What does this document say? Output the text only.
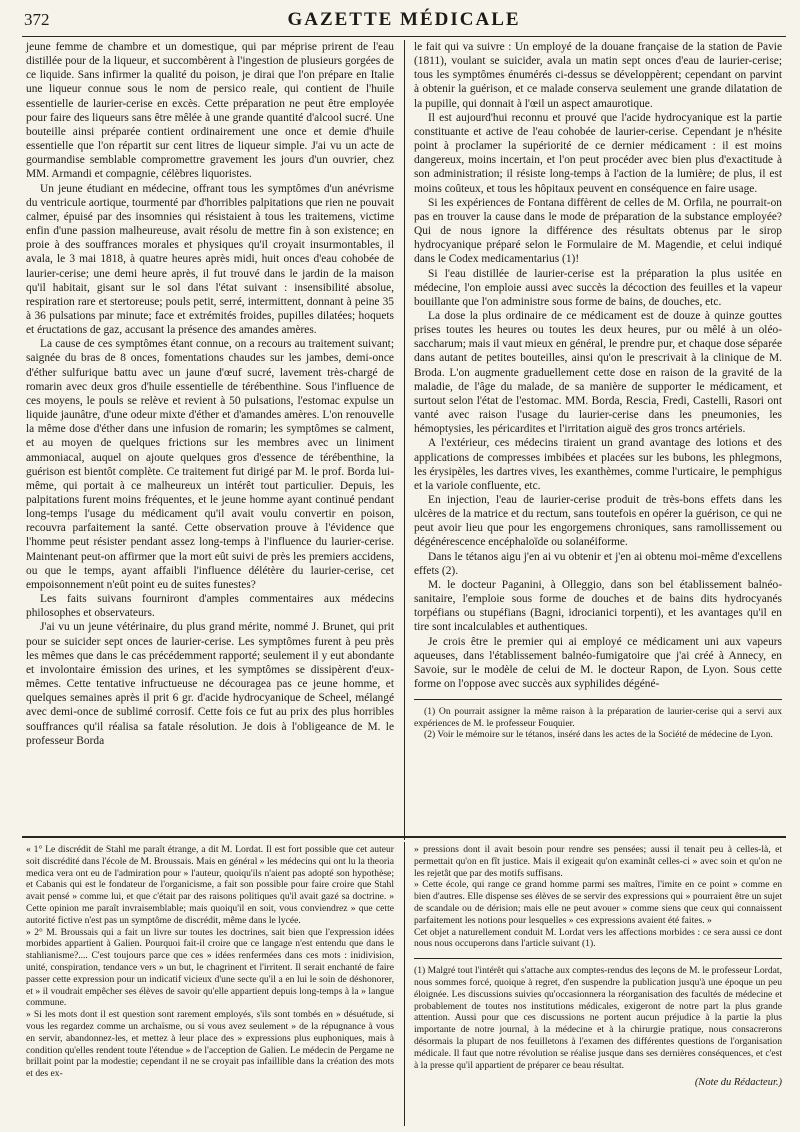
372	GAZETTE MÉDICALE

jeune femme de chambre et un domestique, qui par méprise prirent de l'eau distillée pour de la liqueur, et succombèrent à l'ingestion de plusieurs gorgées de ce liquide. Sans infirmer la qualité du poison, je dirai que l'on prépare en Italie une liqueur connue sous le nom de persico reale, qui contient de l'huile essentielle de laurier-cerise en excès. Cette préparation ne peut être employée pour faire des liqueurs sans être mêlée à une grande quantité d'alcool sucré. Une bouteille ainsi préparée contient ordinairement une once et demie d'huile essentielle que l'on répartit sur cent litres de liqueur simple. J'ai vu un acte de gourmandise semblable compromettre gravement les jours d'un ouvrier, chez MM. Armandi et compagnie, célèbres liquoristes.

Un jeune étudiant en médecine, offrant tous les symptômes d'un anévrisme du ventricule aortique, tourmenté par d'horribles palpitations que rien ne pouvait calmer, épuisé par des insomnies qui résistaient à tous les traitemens, victime enfin d'une passion malheureuse, avait résolu de mettre fin à son existence; en proie à des souffrances morales et physiques qu'il croyait insurmontables, il avala, le 3 mai 1818, à quatre heures après midi, huit onces d'eau cohobée de laurier-cerise; une demi heure après, il fut trouvé dans le jardin de la maison qu'il habitait, gisant sur le sol dans l'état suivant : insensibilité absolue, respiration rare et stertoreuse; pouls petit, serré, intermittent, donnant à peine 35 à 36 pulsations par minute; face et extrémités froides, pupilles dilatées; hoquets et éructations de gaz, accusant la présence des amandes amères.

La cause de ces symptômes étant connue, on a recours au traitement suivant; saignée du bras de 8 onces, fomentations chaudes sur les jambes, demi-once d'éther sulfurique battu avec un jaune d'œuf sucré, lavement très-chargé de romarin avec deux gros d'huile essentielle de térébenthine. Sous l'influence de ces moyens, le pouls se relève et revient à 50 pulsations, l'estomac expulse un liquide jaunâtre, d'une odeur mixte d'éther et d'amandes amères. L'on renouvelle la même dose d'éther dans une infusion de romarin; les symptômes se calment, et au moyen de quelques frictions sur les membres avec un liniment ammoniacal, auquel on ajoute quelques gros d'essence de térébenthine, la guérison est bientôt complète. Ce traitement fut dirigé par M. le prof. Borda lui-même, qui portait à ce malheureux un intérêt tout particulier. Depuis, les palpitations furent moins fréquentes, et le jeune homme ayant continué pendant long-temps l'usage du médicament qu'il avait voulu convertir en poison, recouvra parfaitement la santé. Cette observation prouve à l'évidence que l'homme peut résister pendant assez long-temps à l'influence du laurier-cerise. Maintenant peut-on affirmer que la mort eût suivi de près les premiers accidens, ou que le temps, ayant affaibli l'influence délétère du laurier-cerise, cet empoisonnement n'eût point eu de suites funestes?

Les faits suivans fourniront d'amples commentaires aux médecins philosophes et observateurs.

J'ai vu un jeune vétérinaire, du plus grand mérite, nommé J. Brunet, qui prit pour se suicider sept onces de laurier-cerise. Les symptômes furent à peu près les mêmes que dans le cas précédemment rapporté; seulement il y eut abondante et involontaire émission des urines, et les symptômes se dissipèrent d'eux-mêmes. Cette tentative infructueuse ne découragea pas ce jeune homme, et quelques semaines après il prit 6 gr. d'acide hydrocyanique de Scheel, mélangé avec demi-once de sublimé corrosif. Cette fois ce fut au prix des plus horribles souffrances qu'il réalisa sa fatale résolution. Je dois à l'obligeance de M. le professeur Borda

le fait qui va suivre : Un employé de la douane française de la station de Pavie (1811), voulant se suicider, avala un matin sept onces d'eau de laurier-cerise; tous les symptômes énumérés ci-dessus se développèrent; cependant on parvint à obtenir la guérison, et ce malade conserva seulement une grande dilatation de la pupille, qui donnait à l'œil un aspect amaurotique.

Il est aujourd'hui reconnu et prouvé que l'acide hydrocyanique est la partie constituante et active de l'eau cohobée de laurier-cerise. Cependant je n'hésite point à proclamer la supériorité de ce dernier médicament : il est moins dangereux, moins incertain, et l'on peut procéder avec bien plus d'exactitude à son administration; il résiste long-temps à l'action de la lumière; de plus, il est moins coûteux, et tous les hôpitaux peuvent en conséquence en faire usage.

Si les expériences de Fontana diffèrent de celles de M. Orfila, ne pourrait-on pas en trouver la cause dans le mode de préparation de la substance employée? Qui de nous ignore la différence des résultats obtenus par le sirop hydrocyanique préparé selon le Formulaire de M. Magendie, et celui indiqué dans le Codex medicamentarius (1)!

Si l'eau distillée de laurier-cerise est la préparation la plus usitée en médecine, l'on emploie aussi avec succès la décoction des feuilles et la vapeur bouillante que l'on administre sous forme de bains, de douches, etc.

La dose la plus ordinaire de ce médicament est de douze à quinze gouttes prises toutes les heures ou toutes les deux heures, pur ou mêlé à un oléo-saccharum; mais il vaut mieux en général, le prendre pur, et chaque dose séparée dans autant de petites bouteilles, ainsi qu'on le prescrivait à la clinique de M. Broda. L'on augmente graduellement cette dose en raison de la gravité de la maladie, de l'âge du malade, de sa manière de supporter le médicament, et surtout selon l'état de l'estomac. MM. Borda, Rescia, Fredi, Castelli, Rasori ont vanté avec raison l'usage du laurier-cerise dans les pneumonies, les hémoptysies, les péricardites et l'irritation aiguë des gros troncs artériels.

A l'extérieur, ces médecins tiraient un grand avantage des lotions et des applications de compresses imbibées et placées sur les bubons, les phlegmons, les érysipèles, les dartres vives, les exanthèmes, comme l'urticaire, le pemphigus et la variole confluente, etc.

En injection, l'eau de laurier-cerise produit de très-bons effets dans les ulcères de la matrice et du rectum, sans toutefois en opérer la guérison, ce qui ne peut avoir lieu que pour les engorgemens chroniques, sans ramollissement ou dégénérescence encéphaloïde ou solanéiforme.

Dans le tétanos aigu j'en ai vu obtenir et j'en ai obtenu moi-même d'excellens effets (2).

M. le docteur Paganini, à Olleggio, dans son bel établissement balnéo-sanitaire, l'emploie sous forme de douches et de bains dits hydrocyanés torpéfians ou stupéfians (Bagni, idrocianici torpenti), et les avantages qu'il en tire sont incalculables et authentiques.

Je crois être le premier qui ai employé ce médicament uni aux vapeurs aqueuses, dans l'établissement balnéo-fumigatoire que j'ai créé à Annecy, en Savoie, sur le modèle de celui de M. le docteur Rapon, de Lyon. Sous cette forme on l'oppose avec succès aux syphilides dégéné-

(1) On pourrait assigner la même raison à la préparation de laurier-cerise qui a servi aux expériences de M. le professeur Fouquier.

(2) Voir le mémoire sur le tétanos, inséré dans les actes de la Société de médecine de Lyon.

« 1° Le discrédit de Stahl me paraît étrange, a dit M. Lordat. Il est fort possible que cet auteur soit discrédité dans l'école de M. Broussais. Mais en général » les médecins qui ont lu la theoria medica vera ont eu de l'admiration pour » l'auteur, quoiqu'ils n'aient pas adopté son hypothèse; et Cabanis qui est le fondateur de l'organicisme, a fait son possible pour faire croire que Stahl avait pensé » comme lui, et que c'était par des raisons politiques qu'il avait gazé sa doctrine. » Cette opinion me paraît invraisemblable; mais quoiqu'il en soit, vous conviendrez » que cette autorité fictive n'est pas un symptôme de discrédit, même dans le lycée.

» 2° M. Broussais qui a fait un livre sur toutes les doctrines, sait bien que l'expression idées morbides appartient à Galien. Pourquoi fait-il croire que ce langage n'est entendu que dans le stahlianisme?.... C'est toujours parce que ces » idées renfermées dans ces mots : inidivision, unité, conspiration, tendance vers » un but, le chagrinent et l'irritent. Il serait enchanté de faire passer cette expression pour un indicatif vicieux d'une secte qu'il a en lui le soin de déshonorer, et » il voudrait empêcher ses élèves de savoir qu'elle appartient depuis long-temps à la » langue commune.

» Si les mots dont il est question sont rarement employés, s'ils sont tombés en » désuétude, si vous les regardez comme un archaïsme, ou si vous avez seulement » de la répugnance à vous en servir, abandonnez-les, et mettez à leur place des » expressions plus euphoniques, mais à condition qu'elles rendent toute l'étendue » de l'acception de Galien. Le médecin de Pergame ne brillait point par la modestie; cependant il ne se croyait pas infaillible dans la création des mots et des ex-

» pressions dont il avait besoin pour rendre ses pensées; aussi il tenait peu à celles-là, et permettait qu'on en fît justice. Mais il exigeait qu'on examinât celles-ci » avec soin et qu'on ne les rejetât que par des motifs suffisans.

» Cette école, qui range ce grand homme parmi ses maîtres, l'imite en ce point » comme en bien d'autres. Elle dispense ses élèves de se servir des expressions qui » pourraient être un sujet de scandale ou de dérision; mais elle ne peut avouer » comme siens que ceux qui connaissent parfaitement les notions pour lesquelles » ces expressions avaient été faites. »

Cet objet a naturellement conduit M. Lordat vers les affections morbides : ce sera aussi ce dont nous nous occuperons dans l'article suivant (1).

(1) Malgré tout l'intérêt qui s'attache aux comptes-rendus des leçons de M. le professeur Lordat, nous sommes forcé, quoique à regret, d'en suspendre la publication jusqu'à une époque un peu éloignée. Les discussions suivies qu'occasionnera la réorganisation des facultés de médecine et probablement de toutes nos institutions médicales, exigeront de notre part la plus grande attention. Aussi pour que ces discussions ne portent aucun préjudice à la partie la plus importante de notre journal, à la médecine et à la chirurgie pratique, nous consacrerons désormais la plupart de nos feuilletons à l'examen des différentes questions de l'organisation médicale. Il faut que notre révolution se réalise jusque dans ses dernières conséquences, et c'est à la presse qu'il appartient de préparer ce beau résultat.

(Note du Rédacteur.)
